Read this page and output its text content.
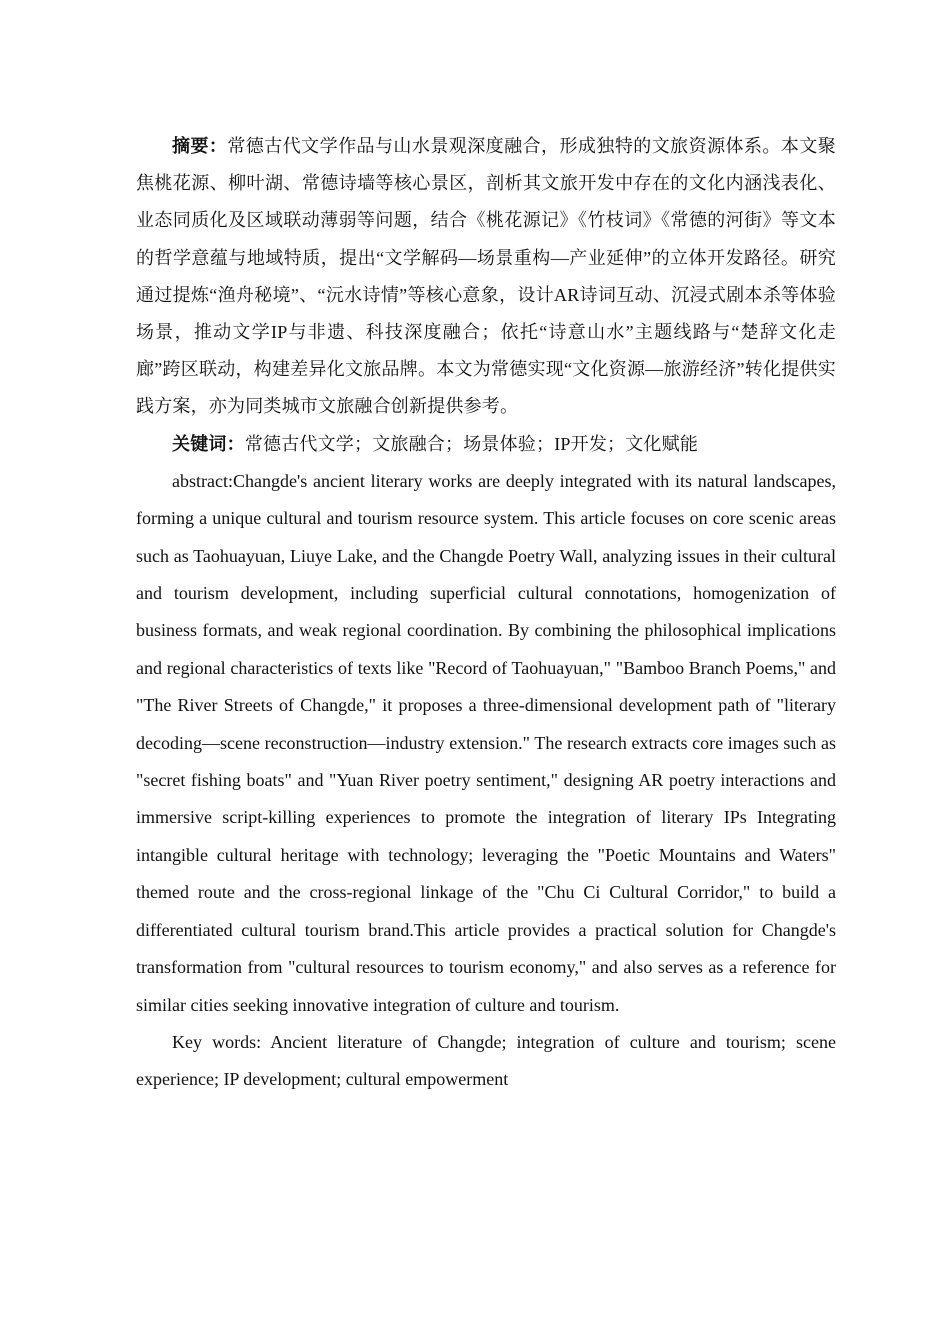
摘要：常德古代文学作品与山水景观深度融合，形成独特的文旅资源体系。本文聚焦桃花源、柳叶湖、常德诗墙等核心景区，剖析其文旅开发中存在的文化内涵浅表化、业态同质化及区域联动薄弱等问题，结合《桃花源记》《竹枝词》《常德的河街》等文本的哲学意蕴与地域特质，提出“文学解码—场景重构—产业延伸”的立体开发路径。研究通过提炼“渔舟秘境”、“沅水诗情”等核心意象，设计AR诗词互动、沉浸式剧本杀等体验场景，推动文学IP与非遗、科技深度融合；依托“诗意山水”主题线路与“楚辞文化走廊”跨区联动，构建差异化文旅品牌。本文为常德实现“文化资源—旅游经济”转化提供实践方案，亦为同类城市文旅融合创新提供参考。

关键词：常德古代文学；文旅融合；场景体验；IP开发；文化赋能

abstract:Changde's ancient literary works are deeply integrated with its natural landscapes, forming a unique cultural and tourism resource system. This article focuses on core scenic areas such as Taohuayuan, Liuye Lake, and the Changde Poetry Wall, analyzing issues in their cultural and tourism development, including superficial cultural connotations, homogenization of business formats, and weak regional coordination. By combining the philosophical implications and regional characteristics of texts like "Record of Taohuayuan," "Bamboo Branch Poems," and "The River Streets of Changde," it proposes a three-dimensional development path of "literary decoding—scene reconstruction—industry extension." The research extracts core images such as "secret fishing boats" and "Yuan River poetry sentiment," designing AR poetry interactions and immersive script-killing experiences to promote the integration of literary IPs Integrating intangible cultural heritage with technology; leveraging the "Poetic Mountains and Waters" themed route and the cross-regional linkage of the "Chu Ci Cultural Corridor," to build a differentiated cultural tourism brand.This article provides a practical solution for Changde's transformation from "cultural resources to tourism economy," and also serves as a reference for similar cities seeking innovative integration of culture and tourism.

Key words: Ancient literature of Changde; integration of culture and tourism; scene experience; IP development; cultural empowerment
